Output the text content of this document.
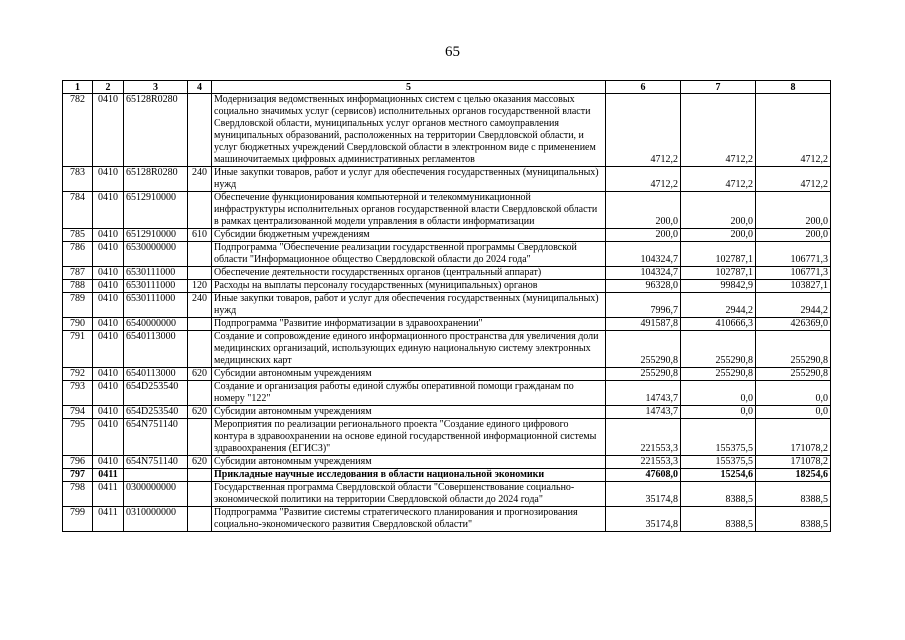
65
1	2	3	4	5	6	7	8
782	0410	65128R0280		Модернизация ведомственных информационных систем с целью оказания массовых социально значимых услуг (сервисов) исполнительных органов государственной власти Свердловской области, муниципальных услуг органов местного самоуправления муниципальных образований, расположенных на территории Свердловской области, и услуг бюджетных учреждений Свердловской области в электронном виде с применением машиночитаемых цифровых административных регламентов	4712,2	4712,2	4712,2
783	0410	65128R0280	240	Иные закупки товаров, работ и услуг для обеспечения государственных (муниципальных) нужд	4712,2	4712,2	4712,2
784	0410	6512910000		Обеспечение функционирования компьютерной и телекоммуникационной инфраструктуры исполнительных органов государственной власти Свердловской области в рамках централизованной модели управления в области информатизации	200,0	200,0	200,0
785	0410	6512910000	610	Субсидии бюджетным учреждениям	200,0	200,0	200,0
786	0410	6530000000		Подпрограмма "Обеспечение реализации государственной программы Свердловской области "Информационное общество Свердловской области до 2024 года"	104324,7	102787,1	106771,3
787	0410	6530111000		Обеспечение деятельности государственных органов (центральный аппарат)	104324,7	102787,1	106771,3
788	0410	6530111000	120	Расходы на выплаты персоналу государственных (муниципальных) органов	96328,0	99842,9	103827,1
789	0410	6530111000	240	Иные закупки товаров, работ и услуг для обеспечения государственных (муниципальных) нужд	7996,7	2944,2	2944,2
790	0410	6540000000		Подпрограмма "Развитие информатизации в здравоохранении"	491587,8	410666,3	426369,0
791	0410	6540113000		Создание и сопровождение единого информационного пространства для увеличения доли медицинских организаций, использующих единую национальную систему электронных медицинских карт	255290,8	255290,8	255290,8
792	0410	6540113000	620	Субсидии автономным учреждениям	255290,8	255290,8	255290,8
793	0410	654D253540		Создание и организация работы единой службы оперативной помощи гражданам по номеру "122"	14743,7	0,0	0,0
794	0410	654D253540	620	Субсидии автономным учреждениям	14743,7	0,0	0,0
795	0410	654N751140		Мероприятия по реализации регионального проекта "Создание единого цифрового контура в здравоохранении на основе единой государственной информационной системы здравоохранения (ЕГИСЗ)"	221553,3	155375,5	171078,2
796	0410	654N751140	620	Субсидии автономным учреждениям	221553,3	155375,5	171078,2
797	0411			Прикладные научные исследования в области национальной экономики	47608,0	15254,6	18254,6
798	0411	0300000000		Государственная программа Свердловской области "Совершенствование социально-экономической политики на территории Свердловской области до 2024 года"	35174,8	8388,5	8388,5
799	0411	0310000000		Подпрограмма "Развитие системы стратегического планирования и прогнозирования социально-экономического развития Свердловской области"	35174,8	8388,5	8388,5
